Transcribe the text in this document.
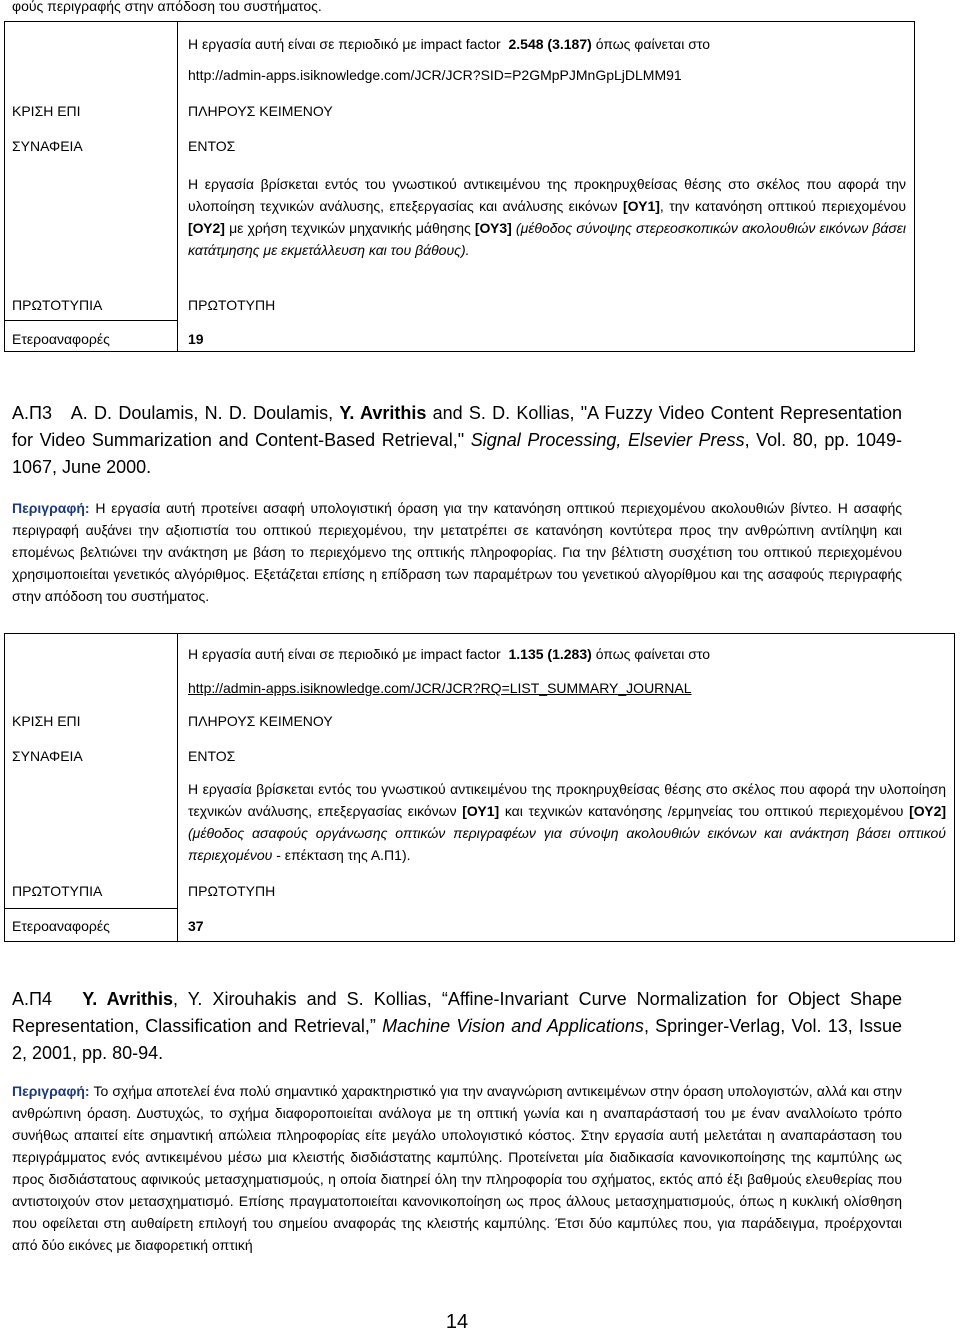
φούς περιγραφής στην απόδοση του συστήματος.
Η εργασία αυτή είναι σε περιοδικό με impact factor 2.548 (3.187) όπως φαίνεται στο
http://admin-apps.isiknowledge.com/JCR/JCR?SID=P2GMpPJMnGpLjDLMM91
ΚΡΙΣΗ ΕΠΙ
ΣΥΝΑΦΕΙΑ
ΠΡΩΤΟΤΥΠΙΑ
Ετεροαναφορές	19
ΠΛΗΡΟΥΣ ΚΕΙΜΕΝΟΥ
ΕΝΤΟΣ
ΠΡΩΤΟΤΥΠΗ
Η εργασία βρίσκεται εντός του γνωστικού αντικειμένου της προκηρυχθείσας θέσης στο σκέλος που αφορά την υλοποίηση τεχνικών ανάλυσης, επεξεργασίας και ανάλυσης εικόνων [ΟΥ1], την κατανόηση οπτικού περιεχομένου [ΟΥ2] με χρήση τεχνικών μηχανικής μάθησης [ΟΥ3] (μέθοδος σύνοψης στερεοσκοπικών ακολουθιών εικόνων βάσει κατάτμησης με εκμετάλλευση και του βάθους).
Α.Π3 A. D. Doulamis, N. D. Doulamis, Y. Avrithis and S. D. Kollias, "A Fuzzy Video Content Representation for Video Summarization and Content-Based Retrieval," Signal Processing, Elsevier Press, Vol. 80, pp. 1049-1067, June 2000.
Περιγραφή: Η εργασία αυτή προτείνει ασαφή υπολογιστική όραση για την κατανόηση οπτικού περιεχομένου ακολουθιών βίντεο. Η ασαφής περιγραφή αυξάνει την αξιοπιστία του οπτικού περιεχομένου, την μετατρέπει σε κατανόηση κοντύτερα προς την ανθρώπινη αντίληψη και επομένως βελτιώνει την ανάκτηση με βάση το περιεχόμενο της οπτικής πληροφορίας. Για την βέλτιστη συσχέτιση του οπτικού περιεχομένου χρησιμοποιείται γενετικός αλγόριθμος. Εξετάζεται επίσης η επίδραση των παραμέτρων του γενετικού αλγορίθμου και της ασαφούς περιγραφής στην απόδοση του συστήματος.
Η εργασία αυτή είναι σε περιοδικό με impact factor 1.135 (1.283) όπως φαίνεται στο
http://admin-apps.isiknowledge.com/JCR/JCR?RQ=LIST_SUMMARY_JOURNAL
ΚΡΙΣΗ ΕΠΙ
ΣΥΝΑΦΕΙΑ
ΠΡΩΤΟΤΥΠΙΑ
Ετεροαναφορές	37
ΠΛΗΡΟΥΣ ΚΕΙΜΕΝΟΥ
ΕΝΤΟΣ
ΠΡΩΤΟΤΥΠΗ
Η εργασία βρίσκεται εντός του γνωστικού αντικειμένου της προκηρυχθείσας θέσης στο σκέλος που αφορά την υλοποίηση τεχνικών ανάλυσης, επεξεργασίας εικόνων [ΟΥ1] και τεχνικών κατανόησης /ερμηνείας του οπτικού περιεχομένου [ΟΥ2] (μέθοδος ασαφούς οργάνωσης οπτικών περιγραφέων για σύνοψη ακολουθιών εικόνων και ανάκτηση βάσει οπτικού περιεχομένου - επέκταση της Α.Π1).
Α.Π4 Y. Avrithis, Y. Xirouhakis and S. Kollias, “Affine-Invariant Curve Normalization for Object Shape Representation, Classification and Retrieval,” Machine Vision and Applications, Springer-Verlag, Vol. 13, Issue 2, 2001, pp. 80-94.
Περιγραφή: Το σχήμα αποτελεί ένα πολύ σημαντικό χαρακτηριστικό για την αναγνώριση αντικειμένων στην όραση υπολογιστών, αλλά και στην ανθρώπινη όραση. Δυστυχώς, το σχήμα διαφοροποιείται ανάλογα με τη οπτική γωνία και η αναπαράστασή του με έναν αναλλοίωτο τρόπο συνήθως απαιτεί είτε σημαντική απώλεια πληροφορίας είτε μεγάλο υπολογιστικό κόστος. Στην εργασία αυτή μελετάται η αναπαράσταση του περιγράμματος ενός αντικειμένου μέσω μια κλειστής δισδιάστατης καμπύλης. Προτείνεται μία διαδικασία κανονικοποίησης της καμπύλης ως προς δισδιάστατους αφινικούς μετασχηματισμούς, η οποία διατηρεί όλη την πληροφορία του σχήματος, εκτός από έξι βαθμούς ελευθερίας που αντιστοιχούν στον μετασχηματισμό. Επίσης πραγματοποιείται κανονικοποίηση ως προς άλλους μετασχηματισμούς, όπως η κυκλική ολίσθηση που οφείλεται στη αυθαίρετη επιλογή του σημείου αναφοράς της κλειστής καμπύλης. Έτσι δύο καμπύλες που, για παράδειγμα, προέρχονται από δύο εικόνες με διαφορετική οπτική
14
